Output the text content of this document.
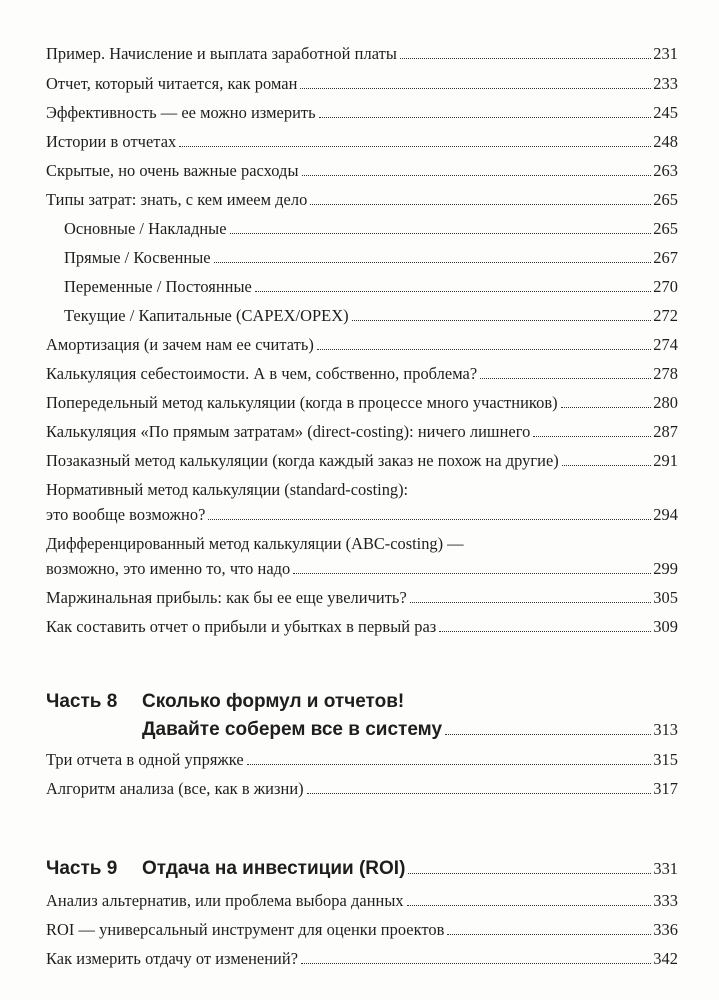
Пример. Начисление и выплата заработной платы	231
Отчет, который читается, как роман	233
Эффективность — ее можно измерить	245
Истории в отчетах	248
Скрытые, но очень важные расходы	263
Типы затрат: знать, с кем имеем дело	265
Основные / Накладные	265
Прямые / Косвенные	267
Переменные / Постоянные	270
Текущие / Капитальные (CAPEX/OPEX)	272
Амортизация (и зачем нам ее считать)	274
Калькуляция себестоимости. А в чем, собственно, проблема?	278
Попередельный метод калькуляции (когда в процессе много участников)	280
Калькуляция «По прямым затратам» (direct-costing): ничего лишнего	287
Позаказный метод калькуляции (когда каждый заказ не похож на другие)	291
Нормативный метод калькуляции (standard-costing):
это вообще возможно?	294
Дифференцированный метод калькуляции (ABC-costing) —
возможно, это именно то, что надо	299
Маржинальная прибыль: как бы ее еще увеличить?	305
Как составить отчет о прибыли и убытках в первый раз	309
Часть 8	Сколько формул и отчетов!
Давайте соберем все в систему	313
Три отчета в одной упряжке	315
Алгоритм анализа (все, как в жизни)	317
Часть 9	Отдача на инвестиции (ROI)	331
Анализ альтернатив, или проблема выбора данных	333
ROI — универсальный инструмент для оценки проектов	336
Как измерить отдачу от изменений?	342
